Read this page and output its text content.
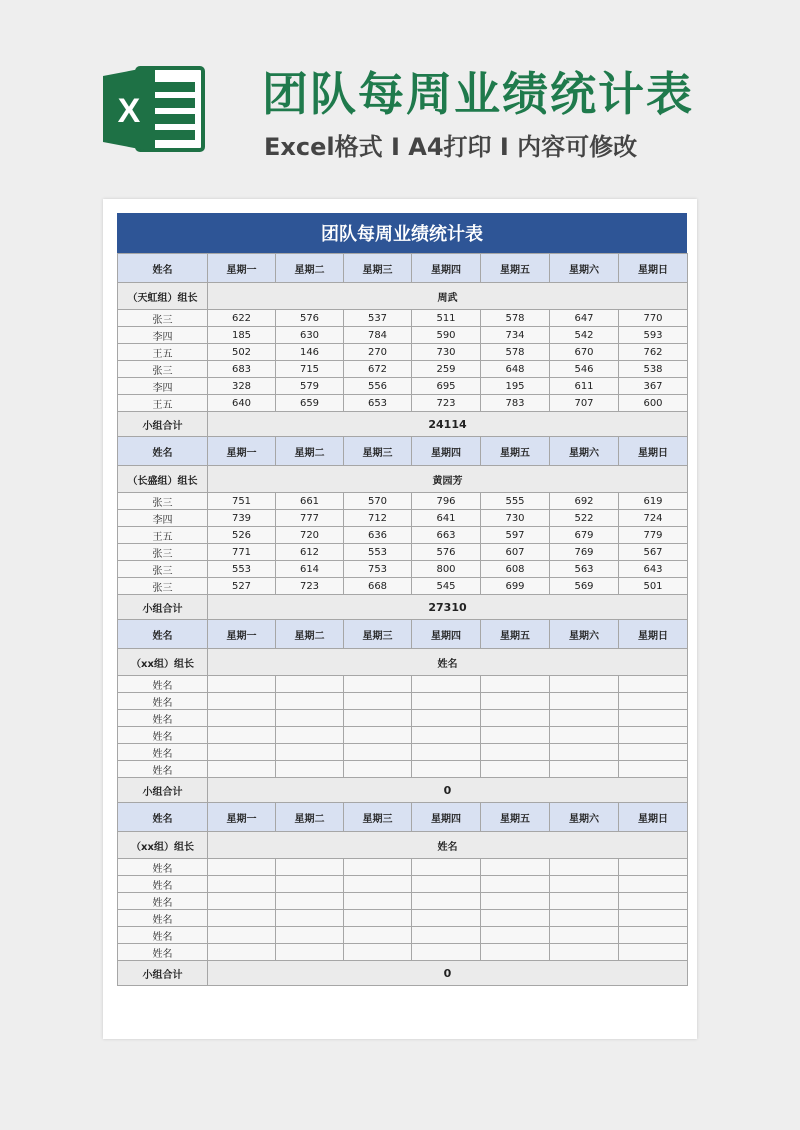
X	团队每周业绩统计表
Excel格式 I A4打印 I 内容可修改
团队每周业绩统计表
姓名	星期一	星期二	星期三	星期四	星期五	星期六	星期日
（天虹组）组长	周武						
张三	622	576	537	511	578	647	770
李四	185	630	784	590	734	542	593
王五	502	146	270	730	578	670	762
张三	683	715	672	259	648	546	538
李四	328	579	556	695	195	611	367
王五	640	659	653	723	783	707	600
小组合计	24114						
姓名	星期一	星期二	星期三	星期四	星期五	星期六	星期日
（长盛组）组长	黄园芳						
张三	751	661	570	796	555	692	619
李四	739	777	712	641	730	522	724
王五	526	720	636	663	597	679	779
张三	771	612	553	576	607	769	567
张三	553	614	753	800	608	563	643
张三	527	723	668	545	699	569	501
小组合计	27310						
姓名	星期一	星期二	星期三	星期四	星期五	星期六	星期日
（xx组）组长	姓名						
姓名							
姓名							
姓名							
姓名							
姓名							
姓名							
小组合计	0						
姓名	星期一	星期二	星期三	星期四	星期五	星期六	星期日
（xx组）组长	姓名						
姓名							
姓名							
姓名							
姓名							
姓名							
姓名							
小组合计	0						
